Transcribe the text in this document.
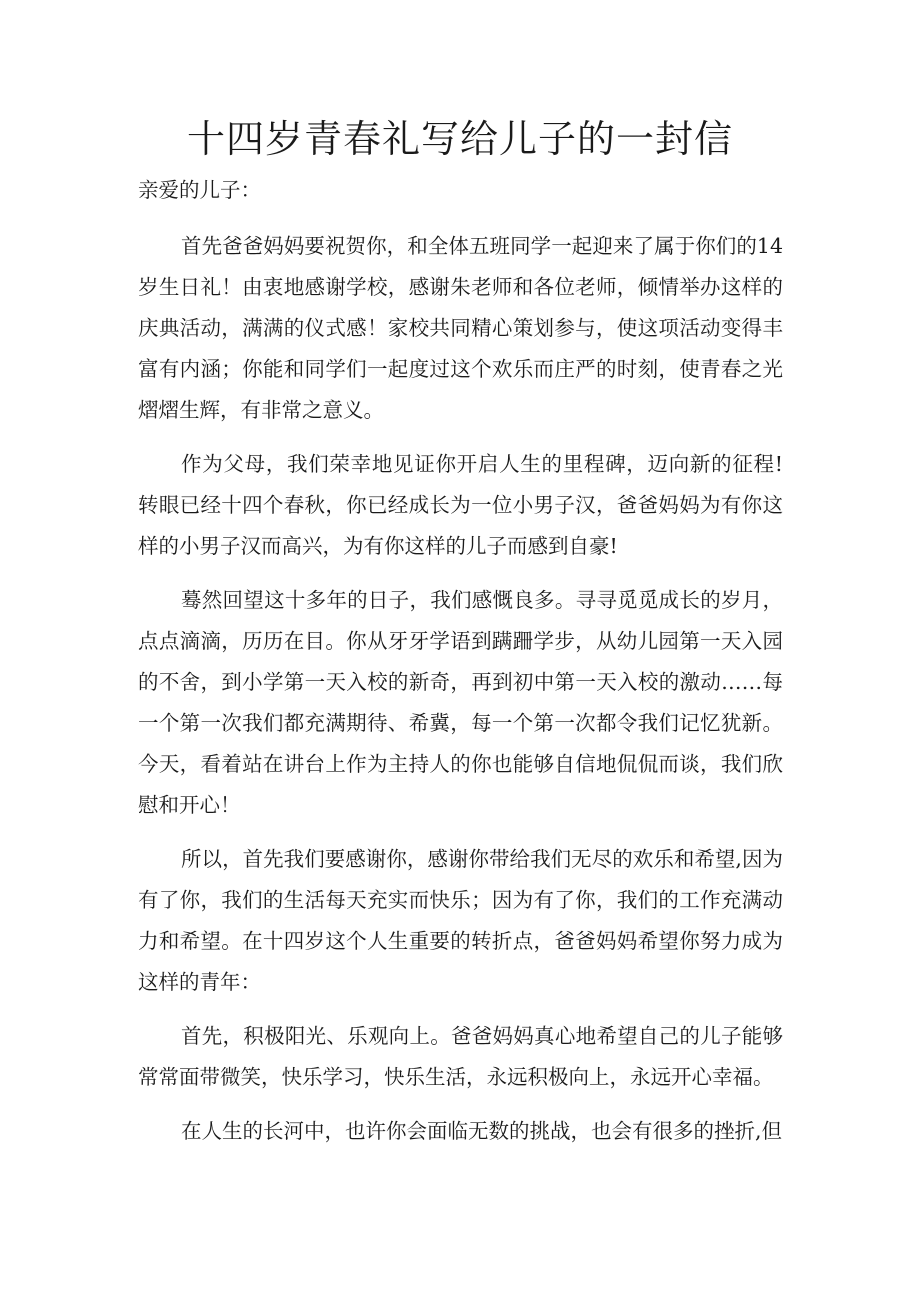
十四岁青春礼写给儿子的一封信

亲爱的儿子：

首先爸爸妈妈要祝贺你，和全体五班同学一起迎来了属于你们的14岁生日礼！由衷地感谢学校，感谢朱老师和各位老师，倾情举办这样的庆典活动，满满的仪式感！家校共同精心策划参与，使这项活动变得丰富有内涵；你能和同学们一起度过这个欢乐而庄严的时刻，使青春之光熠熠生辉，有非常之意义。

作为父母，我们荣幸地见证你开启人生的里程碑，迈向新的征程!转眼已经十四个春秋，你已经成长为一位小男子汉，爸爸妈妈为有你这样的小男子汉而高兴，为有你这样的儿子而感到自豪!

蓦然回望这十多年的日子，我们感慨良多。寻寻觅觅成长的岁月，点点滴滴，历历在目。你从牙牙学语到蹒跚学步，从幼儿园第一天入园的不舍，到小学第一天入校的新奇，再到初中第一天入校的激动……每一个第一次我们都充满期待、希冀，每一个第一次都令我们记忆犹新。今天，看着站在讲台上作为主持人的你也能够自信地侃侃而谈，我们欣慰和开心！

所以，首先我们要感谢你，感谢你带给我们无尽的欢乐和希望,因为有了你，我们的生活每天充实而快乐；因为有了你，我们的工作充满动力和希望。在十四岁这个人生重要的转折点，爸爸妈妈希望你努力成为这样的青年：

首先，积极阳光、乐观向上。爸爸妈妈真心地希望自己的儿子能够常常面带微笑，快乐学习，快乐生活，永远积极向上，永远开心幸福。

在人生的长河中，也许你会面临无数的挑战，也会有很多的挫折,但
